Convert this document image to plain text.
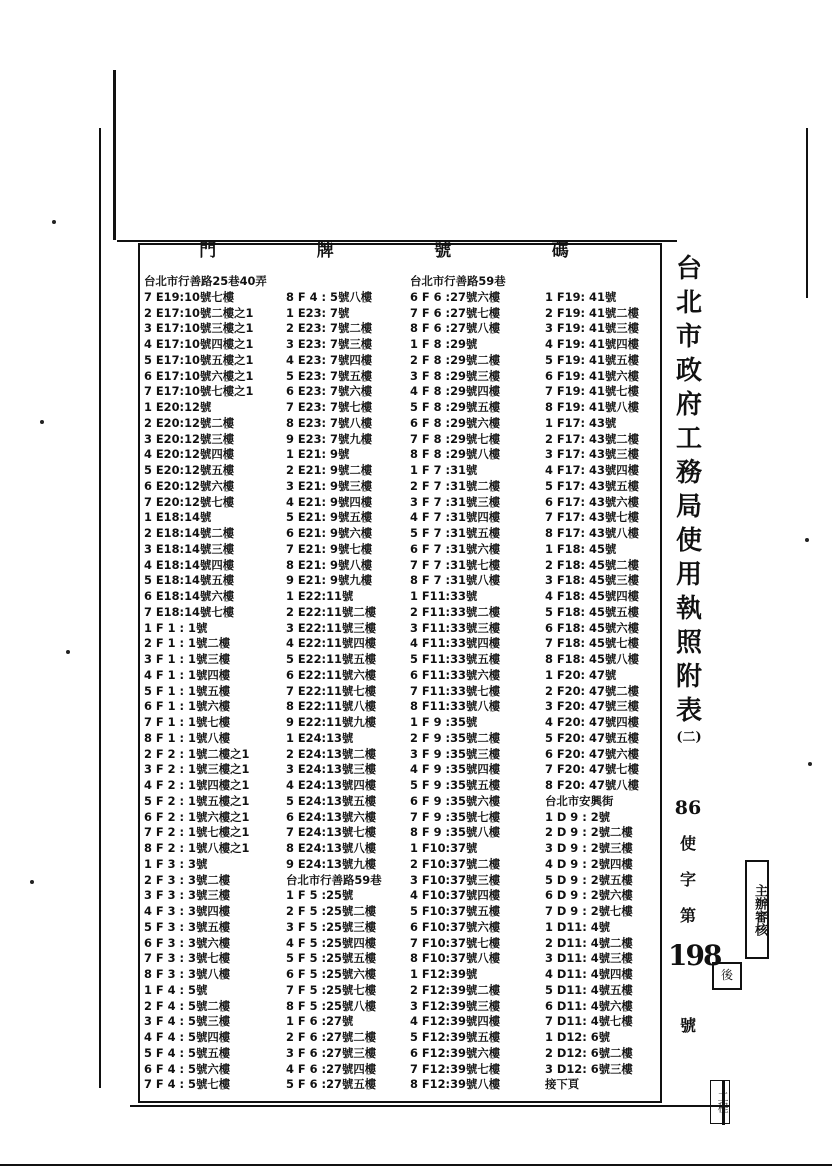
門	牌	號	碼
台北市行善路25巷40弄
7 E19:10號七樓
2 E17:10號二樓之1
3 E17:10號三樓之1
4 E17:10號四樓之1
5 E17:10號五樓之1
6 E17:10號六樓之1
7 E17:10號七樓之1
1 E20:12號
2 E20:12號二樓
3 E20:12號三樓
4 E20:12號四樓
5 E20:12號五樓
6 E20:12號六樓
7 E20:12號七樓
1 E18:14號
2 E18:14號二樓
3 E18:14號三樓
4 E18:14號四樓
5 E18:14號五樓
6 E18:14號六樓
7 E18:14號七樓
1 F 1 : 1號
2 F 1 : 1號二樓
3 F 1 : 1號三樓
4 F 1 : 1號四樓
5 F 1 : 1號五樓
6 F 1 : 1號六樓
7 F 1 : 1號七樓
8 F 1 : 1號八樓
2 F 2 : 1號二樓之1
3 F 2 : 1號三樓之1
4 F 2 : 1號四樓之1
5 F 2 : 1號五樓之1
6 F 2 : 1號六樓之1
7 F 2 : 1號七樓之1
8 F 2 : 1號八樓之1
1 F 3 : 3號
2 F 3 : 3號二樓
3 F 3 : 3號三樓
4 F 3 : 3號四樓
5 F 3 : 3號五樓
6 F 3 : 3號六樓
7 F 3 : 3號七樓
8 F 3 : 3號八樓
1 F 4 : 5號
2 F 4 : 5號二樓
3 F 4 : 5號三樓
4 F 4 : 5號四樓
5 F 4 : 5號五樓
6 F 4 : 5號六樓
7 F 4 : 5號七樓
8 F 4 : 5號八樓
1 E23: 7號
2 E23: 7號二樓
3 E23: 7號三樓
4 E23: 7號四樓
5 E23: 7號五樓
6 E23: 7號六樓
7 E23: 7號七樓
8 E23: 7號八樓
9 E23: 7號九樓
1 E21: 9號
2 E21: 9號二樓
3 E21: 9號三樓
4 E21: 9號四樓
5 E21: 9號五樓
6 E21: 9號六樓
7 E21: 9號七樓
8 E21: 9號八樓
9 E21: 9號九樓
1 E22:11號
2 E22:11號二樓
3 E22:11號三樓
4 E22:11號四樓
5 E22:11號五樓
6 E22:11號六樓
7 E22:11號七樓
8 E22:11號八樓
9 E22:11號九樓
1 E24:13號
2 E24:13號二樓
3 E24:13號三樓
4 E24:13號四樓
5 E24:13號五樓
6 E24:13號六樓
7 E24:13號七樓
8 E24:13號八樓
9 E24:13號九樓
台北市行善路59巷
1 F 5 :25號
2 F 5 :25號二樓
3 F 5 :25號三樓
4 F 5 :25號四樓
5 F 5 :25號五樓
6 F 5 :25號六樓
7 F 5 :25號七樓
8 F 5 :25號八樓
1 F 6 :27號
2 F 6 :27號二樓
3 F 6 :27號三樓
4 F 6 :27號四樓
5 F 6 :27號五樓
台北市行善路59巷
6 F 6 :27號六樓
7 F 6 :27號七樓
8 F 6 :27號八樓
1 F 8 :29號
2 F 8 :29號二樓
3 F 8 :29號三樓
4 F 8 :29號四樓
5 F 8 :29號五樓
6 F 8 :29號六樓
7 F 8 :29號七樓
8 F 8 :29號八樓
1 F 7 :31號
2 F 7 :31號二樓
3 F 7 :31號三樓
4 F 7 :31號四樓
5 F 7 :31號五樓
6 F 7 :31號六樓
7 F 7 :31號七樓
8 F 7 :31號八樓
1 F11:33號
2 F11:33號二樓
3 F11:33號三樓
4 F11:33號四樓
5 F11:33號五樓
6 F11:33號六樓
7 F11:33號七樓
8 F11:33號八樓
1 F 9 :35號
2 F 9 :35號二樓
3 F 9 :35號三樓
4 F 9 :35號四樓
5 F 9 :35號五樓
6 F 9 :35號六樓
7 F 9 :35號七樓
8 F 9 :35號八樓
1 F10:37號
2 F10:37號二樓
3 F10:37號三樓
4 F10:37號四樓
5 F10:37號五樓
6 F10:37號六樓
7 F10:37號七樓
8 F10:37號八樓
1 F12:39號
2 F12:39號二樓
3 F12:39號三樓
4 F12:39號四樓
5 F12:39號五樓
6 F12:39號六樓
7 F12:39號七樓
8 F12:39號八樓
1 F19: 41號
2 F19: 41號二樓
3 F19: 41號三樓
4 F19: 41號四樓
5 F19: 41號五樓
6 F19: 41號六樓
7 F19: 41號七樓
8 F19: 41號八樓
1 F17: 43號
2 F17: 43號二樓
3 F17: 43號三樓
4 F17: 43號四樓
5 F17: 43號五樓
6 F17: 43號六樓
7 F17: 43號七樓
8 F17: 43號八樓
1 F18: 45號
2 F18: 45號二樓
3 F18: 45號三樓
4 F18: 45號四樓
5 F18: 45號五樓
6 F18: 45號六樓
7 F18: 45號七樓
8 F18: 45號八樓
1 F20: 47號
2 F20: 47號二樓
3 F20: 47號三樓
4 F20: 47號四樓
5 F20: 47號五樓
6 F20: 47號六樓
7 F20: 47號七樓
8 F20: 47號八樓
台北市安興街
1 D 9 : 2號
2 D 9 : 2號二樓
3 D 9 : 2號三樓
4 D 9 : 2號四樓
5 D 9 : 2號五樓
6 D 9 : 2號六樓
7 D 9 : 2號七樓
1 D11: 4號
2 D11: 4號二樓
3 D11: 4號三樓
4 D11: 4號四樓
5 D11: 4號五樓
6 D11: 4號六樓
7 D11: 4號七樓
1 D12: 6號
2 D12: 6號二樓
3 D12: 6號三樓
接下頁
台
北
市
政
府
工
務
局
使
用
執
照
附
表
(二)
86
使
字
第
198
號
主辦審核
後
工程
